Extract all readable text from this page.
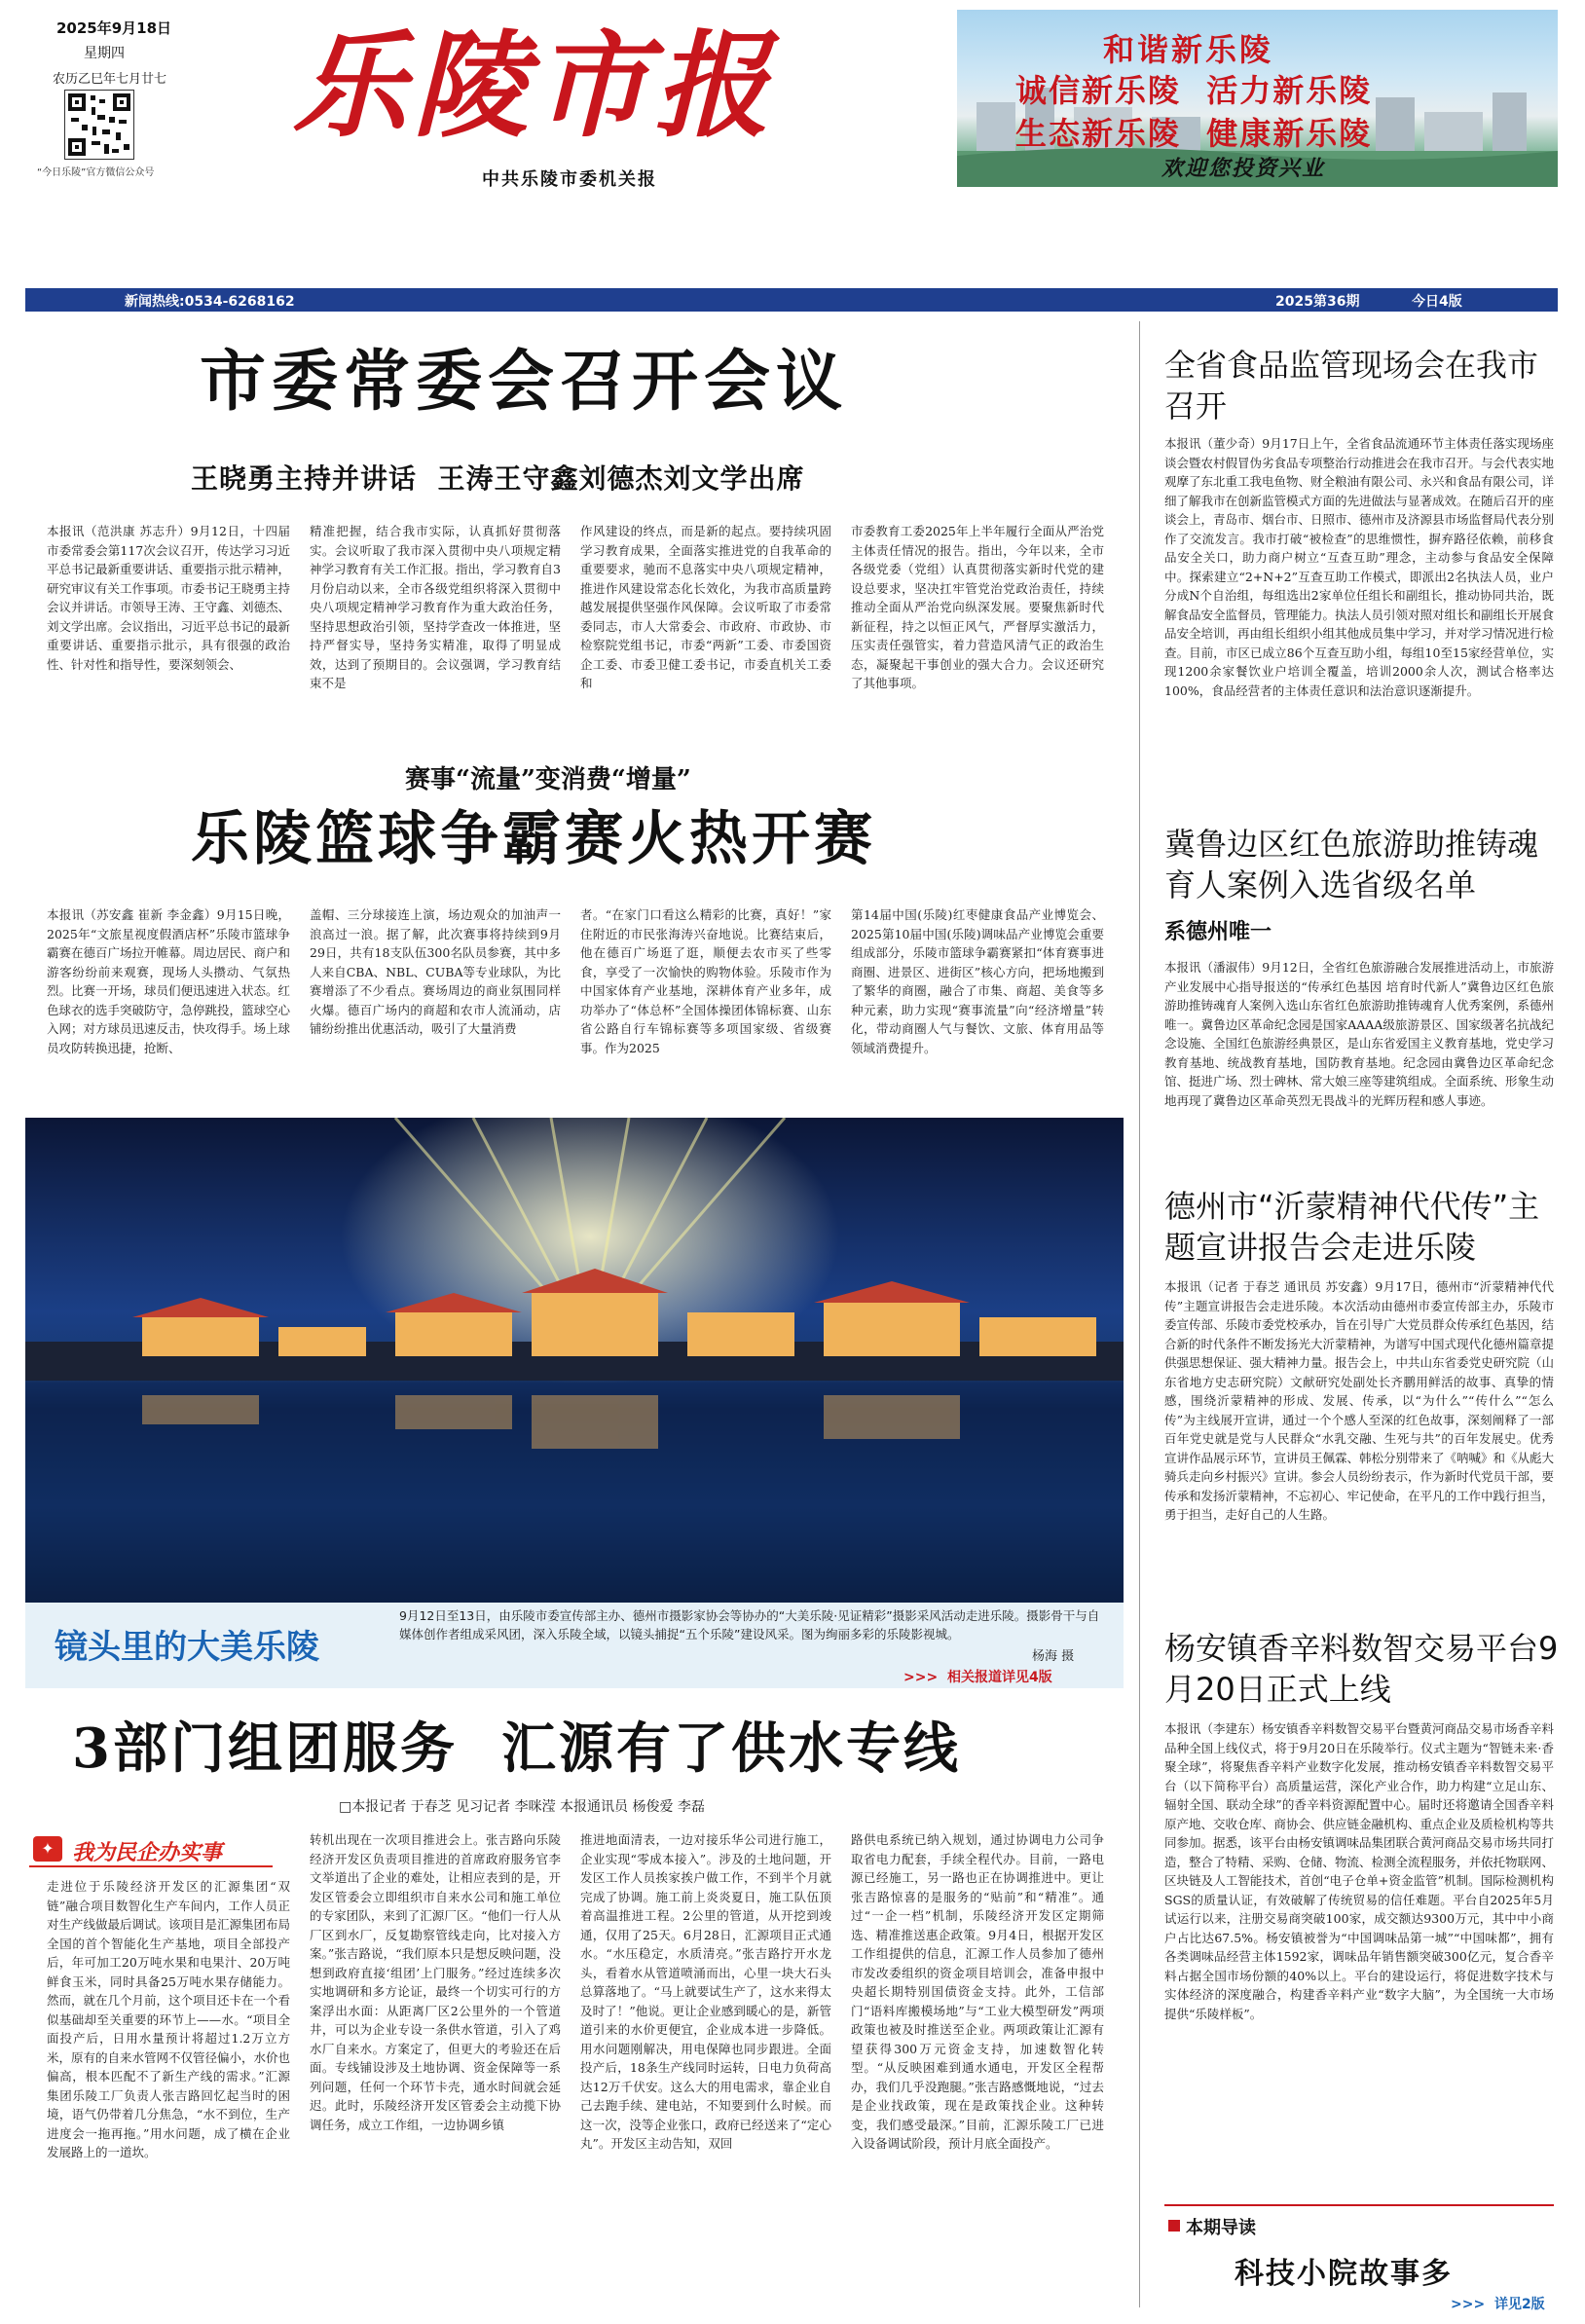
2025年9月18日
星期四
农历乙巳年七月廿七
“今日乐陵”官方微信公众号
乐陵市报
中共乐陵市委机关报
和谐新乐陵
诚信新乐陵  活力新乐陵
生态新乐陵  健康新乐陵
欢迎您投资兴业
新闻热线:0534-6268162	2025第36期	今日4版
市委常委会召开会议
王晓勇主持并讲话  王涛王守鑫刘德杰刘文学出席
本报讯（范洪康 苏志升）9月12日，十四届市委常委会第117次会议召开，传达学习习近平总书记最新重要讲话、重要指示批示精神，研究审议有关工作事项。市委书记王晓勇主持会议并讲话。市领导王涛、王守鑫、刘德杰、刘文学出席。会议指出，习近平总书记的最新重要讲话、重要指示批示，具有很强的政治性、针对性和指导性，要深刻领会、
精准把握，结合我市实际，认真抓好贯彻落实。会议听取了我市深入贯彻中央八项规定精神学习教育有关工作汇报。指出，学习教育自3月份启动以来，全市各级党组织将深入贯彻中央八项规定精神学习教育作为重大政治任务，坚持思想政治引领，坚持学查改一体推进，坚持严督实导，坚持务实精准，取得了明显成效，达到了预期目的。会议强调，学习教育结束不是
作风建设的终点，而是新的起点。要持续巩固学习教育成果，全面落实推进党的自我革命的重要要求，驰而不息落实中央八项规定精神，推进作风建设常态化长效化，为我市高质量跨越发展提供坚强作风保障。会议听取了市委常委同志，市人大常委会、市政府、市政协、市检察院党组书记，市委“两新”工委、市委国资企工委、市委卫健工委书记，市委直机关工委和
市委教育工委2025年上半年履行全面从严治党主体责任情况的报告。指出，今年以来，全市各级党委（党组）认真贯彻落实新时代党的建设总要求，坚决扛牢管党治党政治责任，持续推动全面从严治党向纵深发展。要聚焦新时代新征程，持之以恒正风气，严督厚实激活力，压实责任强管实，着力营造风清气正的政治生态，凝聚起干事创业的强大合力。会议还研究了其他事项。
赛事“流量”变消费“增量”
乐陵篮球争霸赛火热开赛
本报讯（苏安鑫 崔新 李金鑫）9月15日晚，2025年“文旅星视度假酒店杯”乐陵市篮球争霸赛在德百广场拉开帷幕。周边居民、商户和游客纷纷前来观赛，现场人头攒动、气氛热烈。比赛一开场，球员们便迅速进入状态。红色球衣的选手突破防守，急停跳投，篮球空心入网；对方球员迅速反击，快攻得手。场上球员攻防转换迅捷，抢断、
盖帽、三分球接连上演，场边观众的加油声一浪高过一浪。据了解，此次赛事将持续到9月29日，共有18支队伍300名队员参赛，其中多人来自CBA、NBL、CUBA等专业球队，为比赛增添了不少看点。赛场周边的商业氛围同样火爆。德百广场内的商超和农市人流涌动，店铺纷纷推出优惠活动，吸引了大量消费
者。“在家门口看这么精彩的比赛，真好！”家住附近的市民张海涛兴奋地说。比赛结束后，他在德百广场逛了逛，顺便去农市买了些零食，享受了一次愉快的购物体验。乐陵市作为中国家体育产业基地，深耕体育产业多年，成功举办了“体总杯”全国体操团体锦标赛、山东省公路自行车锦标赛等多项国家级、省级赛事。作为2025
第14届中国(乐陵)红枣健康食品产业博览会、2025第10届中国(乐陵)调味品产业博览会重要组成部分，乐陵市篮球争霸赛紧扣“体育赛事进商圈、进景区、进街区”核心方向，把场地搬到了繁华的商圈，融合了市集、商超、美食等多种元素，助力实现“赛事流量”向“经济增量”转化，带动商圈人气与餐饮、文旅、体育用品等领域消费提升。
镜头里的大美乐陵
9月12日至13日，由乐陵市委宣传部主办、德州市摄影家协会等协办的“大美乐陵·见证精彩”摄影采风活动走进乐陵。摄影骨干与自媒体创作者组成采风团，深入乐陵全域，以镜头捕捉“五个乐陵”建设风采。图为绚丽多彩的乐陵影视城。
杨海 摄
>>>  相关报道详见4版
3部门组团服务  汇源有了供水专线
□本报记者 于春芝 见习记者 李咪滢 本报通讯员 杨俊爱 李磊
✦ 我为民企办实事
走进位于乐陵经济开发区的汇源集团“双链”融合项目数智化生产车间内，工作人员正对生产线做最后调试。该项目是汇源集团布局全国的首个智能化生产基地，项目全部投产后，年可加工20万吨水果和电果汁、20万吨鲜食玉米，同时具备25万吨水果存储能力。然而，就在几个月前，这个项目还卡在一个看似基础却至关重要的环节上——水。“项目全面投产后，日用水量预计将超过1.2万立方米，原有的自来水管网不仅管径偏小，水价也偏高，根本匹配不了新生产线的需求。”汇源集团乐陵工厂负责人张吉路回忆起当时的困境，语气仍带着几分焦急，“水不到位，生产进度会一拖再拖。”用水问题，成了横在企业发展路上的一道坎。
转机出现在一次项目推进会上。张吉路向乐陵经济开发区负责项目推进的首席政府服务官李文举道出了企业的难处，让相应表到的是，开发区管委会立即组织市自来水公司和施工单位的专家团队，来到了汇源厂区。“他们一行人从厂区到水厂，反复勘察管线走向，比对接入方案。”张吉路说，“我们原本只是想反映问题，没想到政府直接‘组团’上门服务。”经过连续多次实地调研和多方论证，最终一个切实可行的方案浮出水面：从距离厂区2公里外的一个管道井，可以为企业专设一条供水管道，引入了鸡水厂自来水。方案定了，但更大的考验还在后面。专线铺设涉及土地协调、资金保障等一系列问题，任何一个环节卡壳，通水时间就会延迟。此时，乐陵经济开发区管委会主动揽下协调任务，成立工作组，一边协调乡镇
推进地面清表，一边对接乐华公司进行施工，企业实现“零成本接入”。涉及的土地问题，开发区工作人员挨家挨户做工作，不到半个月就完成了协调。施工前上炎炎夏日，施工队伍顶着高温推进工程。2公里的管道，从开挖到竣通，仅用了25天。6月28日，汇源项目正式通水。“水压稳定，水质清亮。”张吉路拧开水龙头，看着水从管道喷涌而出，心里一块大石头总算落地了。“马上就要试生产了，这水来得太及时了！”他说。更让企业感到暖心的是，新管道引来的水价更便宜，企业成本进一步降低。用水问题刚解决，用电保障也同步跟进。全面投产后，18条生产线同时运转，日电力负荷高达12万千伏安。这么大的用电需求，靠企业自己去跑手续、建电站，不知要到什么时候。而这一次，没等企业张口，政府已经送来了“定心丸”。开发区主动告知，双回
路供电系统已纳入规划，通过协调电力公司争取省电力配套，手续全程代办。目前，一路电源已经施工，另一路也正在协调推进中。更让张吉路惊喜的是服务的“贴前”和“精准”。通过“一企一档”机制，乐陵经济开发区定期筛选、精准推送惠企政策。9月4日，根据开发区工作组提供的信息，汇源工作人员参加了德州市发改委组织的资金项目培训会，准备申报中央超长期特别国债资金支持。此外，工信部门“语料库搬模场地”与“工业大模型研发”两项政策也被及时推送至企业。两项政策让汇源有望获得300万元资金支持，加速数智化转型。“从反映困难到通水通电，开发区全程帮办，我们几乎没跑腿。”张吉路感慨地说，“过去是企业找政策，现在是政策找企业。这种转变，我们感受最深。”目前，汇源乐陵工厂已进入设备调试阶段，预计月底全面投产。
全省食品监管现场会在我市召开
本报讯（董少奇）9月17日上午，全省食品流通环节主体责任落实现场座谈会暨农村假冒伪劣食品专项整治行动推进会在我市召开。与会代表实地观摩了东北重工我电鱼物、财全粮油有限公司、永兴和食品有限公司，详细了解我市在创新监管模式方面的先进做法与显著成效。在随后召开的座谈会上，青岛市、烟台市、日照市、德州市及济源县市场监督局代表分别作了交流发言。我市打破“被检查”的思维惯性，摒弃路径依赖，前移食品安全关口，助力商户树立“互查互助”理念，主动参与食品安全保障中。探索建立“2+N+2”互查互助工作模式，即派出2名执法人员，业户分成N个自治组，每组选出2家单位任组长和副组长，推动协同共治，既解食品安全监督员，管理能力。执法人员引领对照对组长和副组长开展食品安全培训，再由组长组织小组其他成员集中学习，并对学习情况进行检查。目前，市区已成立86个互查互助小组，每组10至15家经营单位，实现1200余家餐饮业户培训全覆盖，培训2000余人次，测试合格率达100%，食品经营者的主体责任意识和法治意识逐渐提升。
冀鲁边区红色旅游助推铸魂育人案例入选省级名单
系德州唯一
本报讯（潘淑伟）9月12日，全省红色旅游融合发展推进活动上，市旅游产业发展中心指导报送的“传承红色基因 培育时代新人”冀鲁边区红色旅游助推铸魂育人案例入选山东省红色旅游助推铸魂育人优秀案例，系德州唯一。冀鲁边区革命纪念园是国家AAAA级旅游景区、国家级著名抗战纪念设施、全国红色旅游经典景区，是山东省爱国主义教育基地，党史学习教育基地、统战教育基地，国防教育基地。纪念园由冀鲁边区革命纪念馆、挺进广场、烈士碑林、常大娘三座等建筑组成。全面系统、形象生动地再现了冀鲁边区革命英烈无畏战斗的光辉历程和感人事迹。
德州市“沂蒙精神代代传”主题宣讲报告会走进乐陵
本报讯（记者 于春芝 通讯员 苏安鑫）9月17日，德州市“沂蒙精神代代传”主题宣讲报告会走进乐陵。本次活动由德州市委宣传部主办，乐陵市委宣传部、乐陵市委党校承办，旨在引导广大党员群众传承红色基因，结合新的时代条件不断发扬光大沂蒙精神，为谱写中国式现代化德州篇章提供强思想保证、强大精神力量。报告会上，中共山东省委党史研究院（山东省地方史志研究院）文献研究处副处长齐鹏用鲜活的故事、真挚的情感，围绕沂蒙精神的形成、发展、传承，以“为什么”“传什么”“怎么传”为主线展开宣讲，通过一个个感人至深的红色故事，深刻阐释了一部百年党史就是党与人民群众“水乳交融、生死与共”的百年发展史。优秀宣讲作品展示环节，宣讲员王佩霖、韩松分别带来了《呐喊》和《从彪大骑兵走向乡村振兴》宣讲。参会人员纷纷表示，作为新时代党员干部，要传承和发扬沂蒙精神，不忘初心、牢记使命，在平凡的工作中践行担当，勇于担当，走好自己的人生路。
杨安镇香辛料数智交易平台9月20日正式上线
本报讯（李建东）杨安镇香辛料数智交易平台暨黄河商品交易市场香辛料品种全国上线仪式，将于9月20日在乐陵举行。仪式主题为“智链未来·香聚全球”，将聚焦香辛料产业数字化发展，推动杨安镇香辛料数智交易平台（以下简称平台）高质量运营，深化产业合作，助力构建“立足山东、辐射全国、联动全球”的香辛料资源配置中心。届时还将邀请全国香辛料原产地、交收仓库、商协会、供应链金融机构、重点企业及质检机构等共同参加。据悉，该平台由杨安镇调味品集团联合黄河商品交易市场共同打造，整合了特精、采购、仓储、物流、检测全流程服务，并依托物联网、区块链及人工智能技术，首创“电子仓单+资金监管”机制。国际检测机构SGS的质量认证，有效破解了传统贸易的信任难题。平台自2025年5月试运行以来，注册交易商突破100家，成交额达9300万元，其中中小商户占比达67.5%。杨安镇被誉为“中国调味品第一城”“中国味都”，拥有各类调味品经营主体1592家，调味品年销售额突破300亿元，复合香辛料占据全国市场份额的40%以上。平台的建设运行，将促进数字技术与实体经济的深度融合，构建香辛料产业“数字大脑”，为全国统一大市场提供“乐陵样板”。
本期导读
科技小院故事多
>>>  详见2版
